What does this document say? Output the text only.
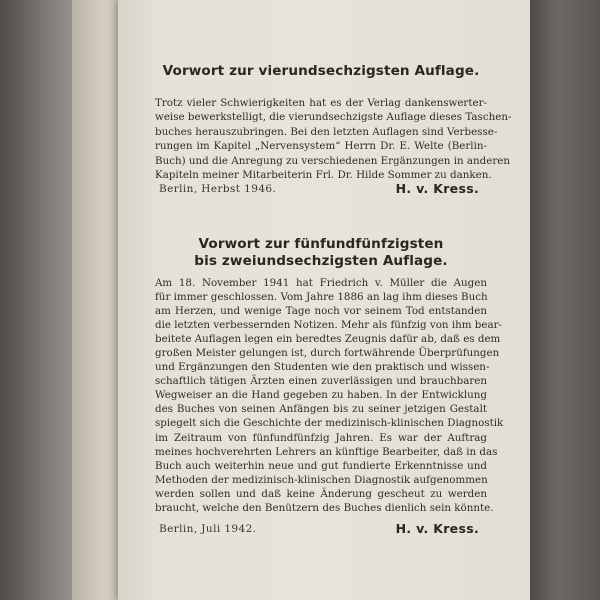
Vorwort zur vierundsechzigsten Auflage.
Trotz vieler Schwierigkeiten hat es der Verlag dankenswerter-
weise bewerkstelligt, die vierundsechzigste Auflage dieses Taschen-
buches herauszubringen. Bei den letzten Auflagen sind Verbesse-
rungen im Kapitel „Nervensystem“ Herrn Dr. E. Welte (Berlin-
Buch) und die Anregung zu verschiedenen Ergänzungen in anderen
Kapiteln meiner Mitarbeiterin Frl. Dr. Hilde Sommer zu danken.
Berlin, Herbst 1946.	H. v. Kress.
Vorwort zur fünfundfünfzigsten
bis zweiundsechzigsten Auflage.
Am 18. November 1941 hat Friedrich v. Müller die Augen
für immer geschlossen. Vom Jahre 1886 an lag ihm dieses Buch
am Herzen, und wenige Tage noch vor seinem Tod entstanden
die letzten verbessernden Notizen. Mehr als fünfzig von ihm bear-
beitete Auflagen legen ein beredtes Zeugnis dafür ab, daß es dem
großen Meister gelungen ist, durch fortwährende Überprüfungen
und Ergänzungen den Studenten wie den praktisch und wissen-
schaftlich tätigen Ärzten einen zuverlässigen und brauchbaren
Wegweiser an die Hand gegeben zu haben. In der Entwicklung
des Buches von seinen Anfängen bis zu seiner jetzigen Gestalt
spiegelt sich die Geschichte der medizinisch-klinischen Diagnostik
im Zeitraum von fünfundfünfzig Jahren. Es war der Auftrag
meines hochverehrten Lehrers an künftige Bearbeiter, daß in das
Buch auch weiterhin neue und gut fundierte Erkenntnisse und
Methoden der medizinisch-klinischen Diagnostik aufgenommen
werden sollen und daß keine Änderung gescheut zu werden
braucht, welche den Benützern des Buches dienlich sein könnte.
Berlin, Juli 1942.	H. v. Kress.
